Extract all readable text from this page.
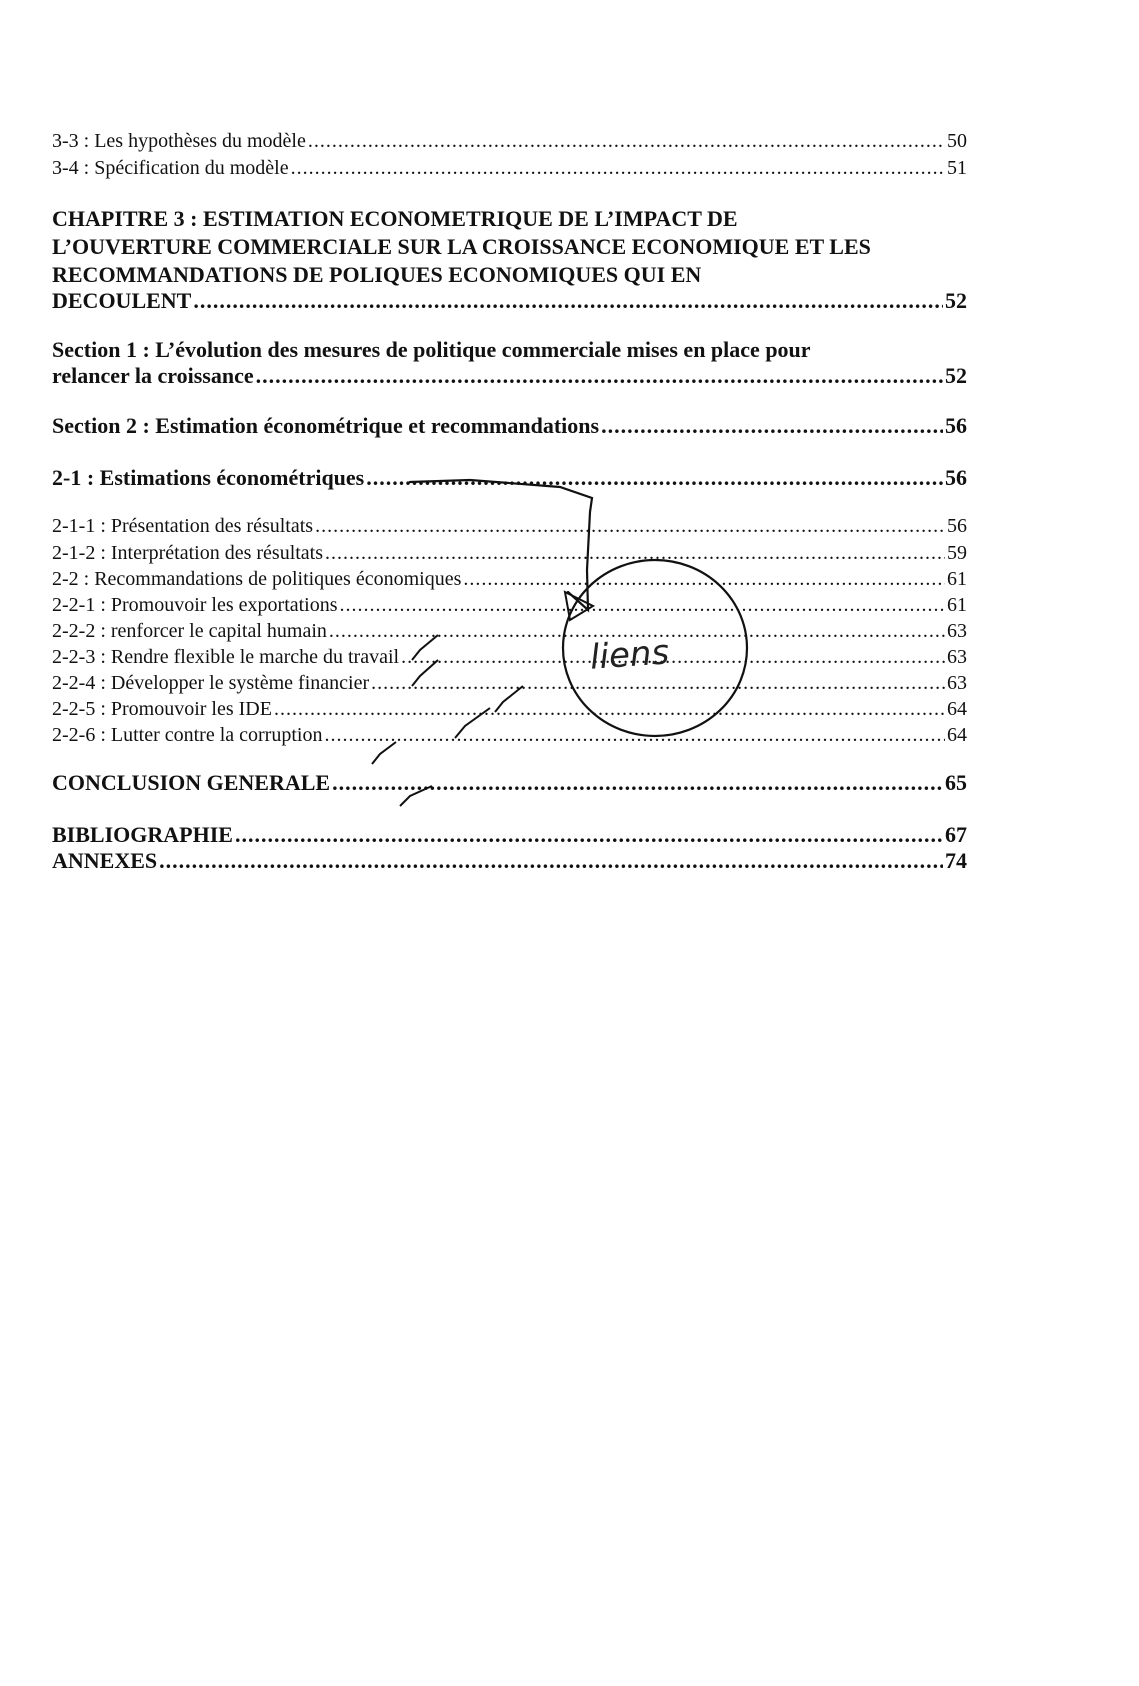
3-3 : Les hypothèses du modèle .....	50
3-4 : Spécification du modèle .....	51
CHAPITRE 3 : ESTIMATION ECONOMETRIQUE DE L’IMPACT DE
L’OUVERTURE COMMERCIALE SUR LA CROISSANCE ECONOMIQUE ET LES
RECOMMANDATIONS DE POLIQUES ECONOMIQUES QUI EN
DECOULENT .....	52
Section 1 : L’évolution des mesures de politique commerciale mises en place pour
relancer la croissance .....	52
Section 2 : Estimation économétrique et recommandations .....	56
2-1 : Estimations économétriques .....	56
2-1-1 : Présentation des résultats .....	56
2-1-2 : Interprétation des résultats .....	59
2-2 : Recommandations de politiques économiques .....	61
2-2-1 : Promouvoir les exportations .....	61
2-2-2 : renforcer le capital humain .....	63
2-2-3 : Rendre flexible le marche du travail .....	63
2-2-4 : Développer le système financier .....	63
2-2-5 : Promouvoir les IDE .....	64
2-2-6 : Lutter contre la corruption .....	64
CONCLUSION GENERALE .....	65
BIBLIOGRAPHIE .....	67
ANNEXES .....	74
liens
